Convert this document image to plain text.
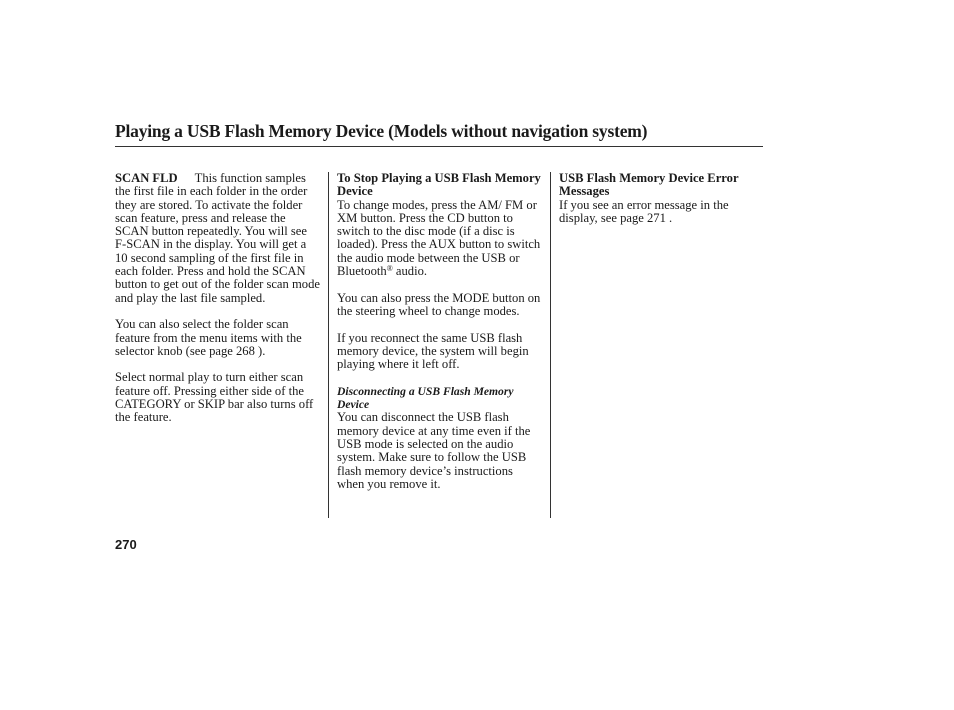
Playing a USB Flash Memory Device (Models without navigation system)

SCAN FLD This function samples the first file in each folder in the order they are stored. To activate the folder scan feature, press and release the SCAN button repeatedly. You will see F-SCAN in the display. You will get a 10 second sampling of the first file in each folder. Press and hold the SCAN button to get out of the folder scan mode and play the last file sampled.

You can also select the folder scan feature from the menu items with the selector knob (see page 268 ).

Select normal play to turn either scan feature off. Pressing either side of the CATEGORY or SKIP bar also turns off the feature.

To Stop Playing a USB Flash Memory Device

To change modes, press the AM/ FM or XM button. Press the CD button to switch to the disc mode (if a disc is loaded). Press the AUX button to switch the audio mode between the USB or Bluetooth® audio.

You can also press the MODE button on the steering wheel to change modes.

If you reconnect the same USB flash memory device, the system will begin playing where it left off.

Disconnecting a USB Flash Memory Device

You can disconnect the USB flash memory device at any time even if the USB mode is selected on the audio system. Make sure to follow the USB flash memory device’s instructions when you remove it.

USB Flash Memory Device Error Messages

If you see an error message in the display, see page 271 .

270
